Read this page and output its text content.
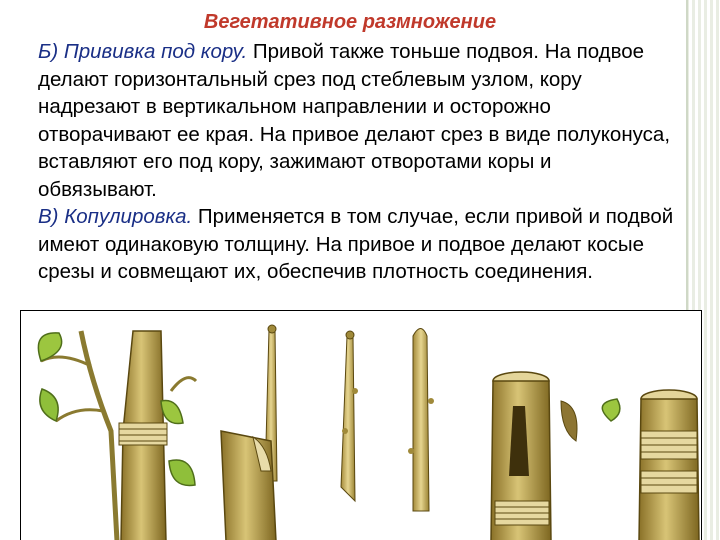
Вегетативное размножение

Б) Прививка под кору. Привой также тоньше подвоя. На подвое делают горизонтальный срез под стеблевым узлом, кору надрезают в вертикальном направлении и осторожно отворачивают ее края. На привое делают срез в виде полуконуса, вставляют его под кору, зажимают отворотами коры и обвязывают.

В) Копулировка. Применяется в том случае, если привой и подвой имеют одинаковую толщину. На привое и подвое делают косые срезы и совмещают их, обеспечив плотность соединения.
